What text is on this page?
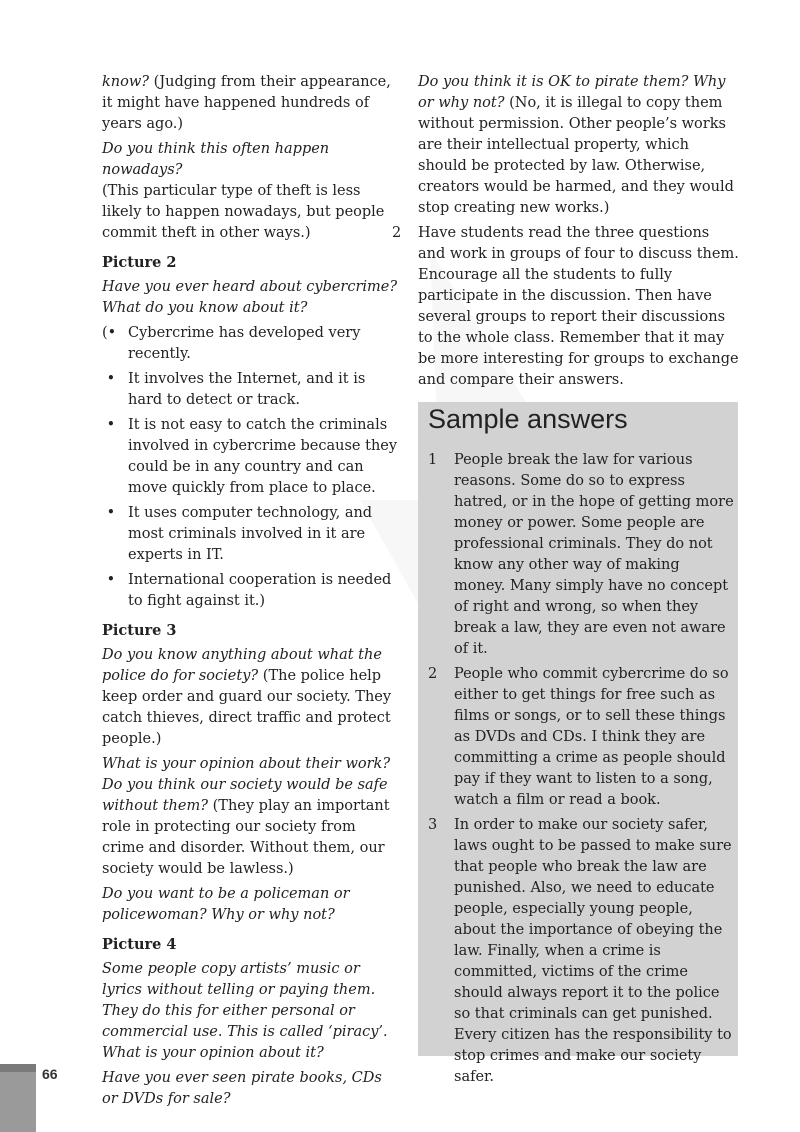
know? (Judging from their appearance, it might have happened hundreds of years ago.)

Do you think this often happen nowadays?
(This particular type of theft is less likely to happen nowadays, but people commit theft in other ways.)

Picture 2

Have you ever heard about cybercrime? What do you know about it?

(• Cybercrime has developed very recently.
• It involves the Internet, and it is hard to detect or track.
• It is not easy to catch the criminals involved in cybercrime because they could be in any country and can move quickly from place to place.
• It uses computer technology, and most criminals involved in it are experts in IT.
• International cooperation is needed to fight against it.)
Picture 3

Do you know anything about what the police do for society? (The police help keep order and guard our society. They catch thieves, direct traffic and protect people.)

What is your opinion about their work? Do you think our society would be safe without them? (They play an important role in protecting our society from crime and disorder. Without them, our society would be lawless.)

Do you want to be a policeman or policewoman? Why or why not?

Picture 4

Some people copy artists’ music or lyrics without telling or paying them. They do this for either personal or commercial use. This is called ‘piracy’. What is your opinion about it?

Have you ever seen pirate books, CDs or DVDs for sale?

Do you think it is OK to pirate them? Why or why not? (No, it is illegal to copy them without permission. Other people’s works are their intellectual property, which should be protected by law. Otherwise, creators would be harmed, and they would stop creating new works.)

2 Have students read the three questions and work in groups of four to discuss them. Encourage all the students to fully participate in the discussion. Then have several groups to report their discussions to the whole class. Remember that it may be more interesting for groups to exchange and compare their answers.
Sample answers
1 People break the law for various reasons. Some do so to express hatred, or in the hope of getting more money or power. Some people are professional criminals. They do not know any other way of making money. Many simply have no concept of right and wrong, so when they break a law, they are even not aware of it.
2 People who commit cybercrime do so either to get things for free such as films or songs, or to sell these things as DVDs and CDs. I think they are committing a crime as people should pay if they want to listen to a song, watch a film or read a book.
3 In order to make our society safer, laws ought to be passed to make sure that people who break the law are punished. Also, we need to educate people, especially young people, about the importance of obeying the law. Finally, when a crime is committed, victims of the crime should always report it to the police so that criminals can get punished. Every citizen has the responsibility to stop crimes and make our society safer.
66
